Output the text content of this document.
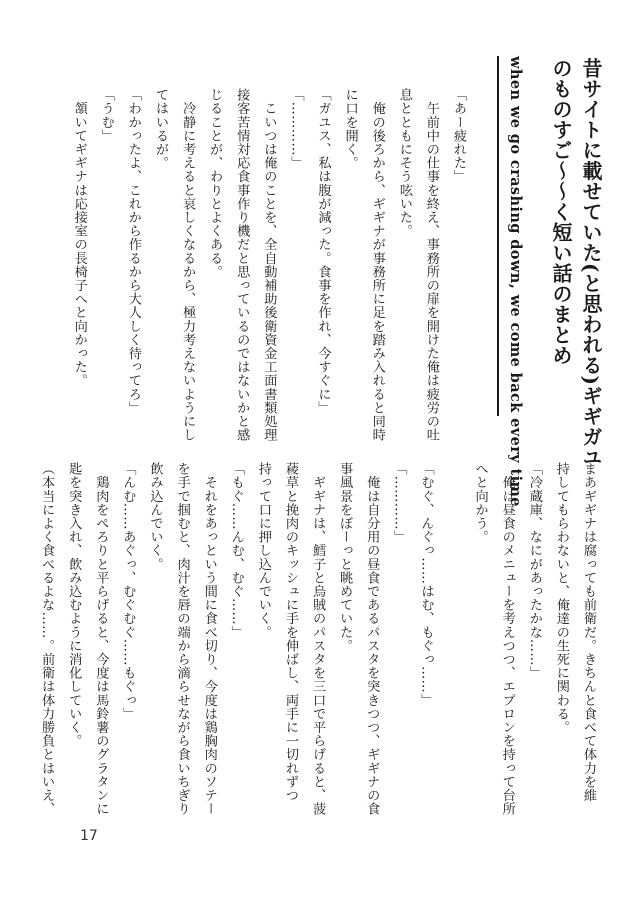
昔サイトに載せていた(と思われる)ギギガユ
のものすご〜〜く短い話のまとめ
when we go crashing down, we come back every time
「あー疲れた」
　午前中の仕事を終え、事務所の扉を開けた俺は疲労の吐
息とともにそう呟いた。
　俺の後ろから、ギギナが事務所に足を踏み入れると同時
に口を開く。
「ガユス、私は腹が減った。食事を作れ、今すぐに」
「…………」
　こいつは俺のことを、全自動補助後衛資金工面書類処理
接客苦情対応食事作り機だと思っているのではないかと感
じることが、わりとよくある。
　冷静に考えると哀しくなるから、極力考えないようにし
てはいるが。
「わかったよ、これから作るから大人しく待ってろ」
「うむ」
　頷いてギギナは応接室の長椅子へと向かった。
まあギギナは腐っても前衛だ。きちんと食べて体力を維
持してもらわないと、俺達の生死に関わる。
「冷蔵庫、なにがあったかな……」
　俺は昼食のメニューを考えつつ、エプロンを持って台所
へと向かう。

「むぐ、んぐっ……はむ、もぐっ……」
「…………」
　俺は自分用の昼食であるパスタを突きつつ、ギギナの食
事風景をぼーっと眺めていた。
　ギギナは、鱈子と烏賊のパスタを三口で平らげると、菠
薐草と挽肉のキッシュに手を伸ばし、両手に一切れずつ
持って口に押し込んでいく。
「もぐ……んむ、むぐ……」
　それをあっという間に食べ切り、今度は鶏胸肉のソテー
を手で掴むと、肉汁を唇の端から滴らせながら食いちぎり
飲み込んでいく。
「んむ……あぐっ、むぐむぐ……もぐっ」
　鶏肉をぺろりと平らげると、今度は馬鈴薯のグラタンに
匙を突き入れ、飲み込むように消化していく。
（本当によく食べるよな……。前衛は体力勝負とはいえ、
17
